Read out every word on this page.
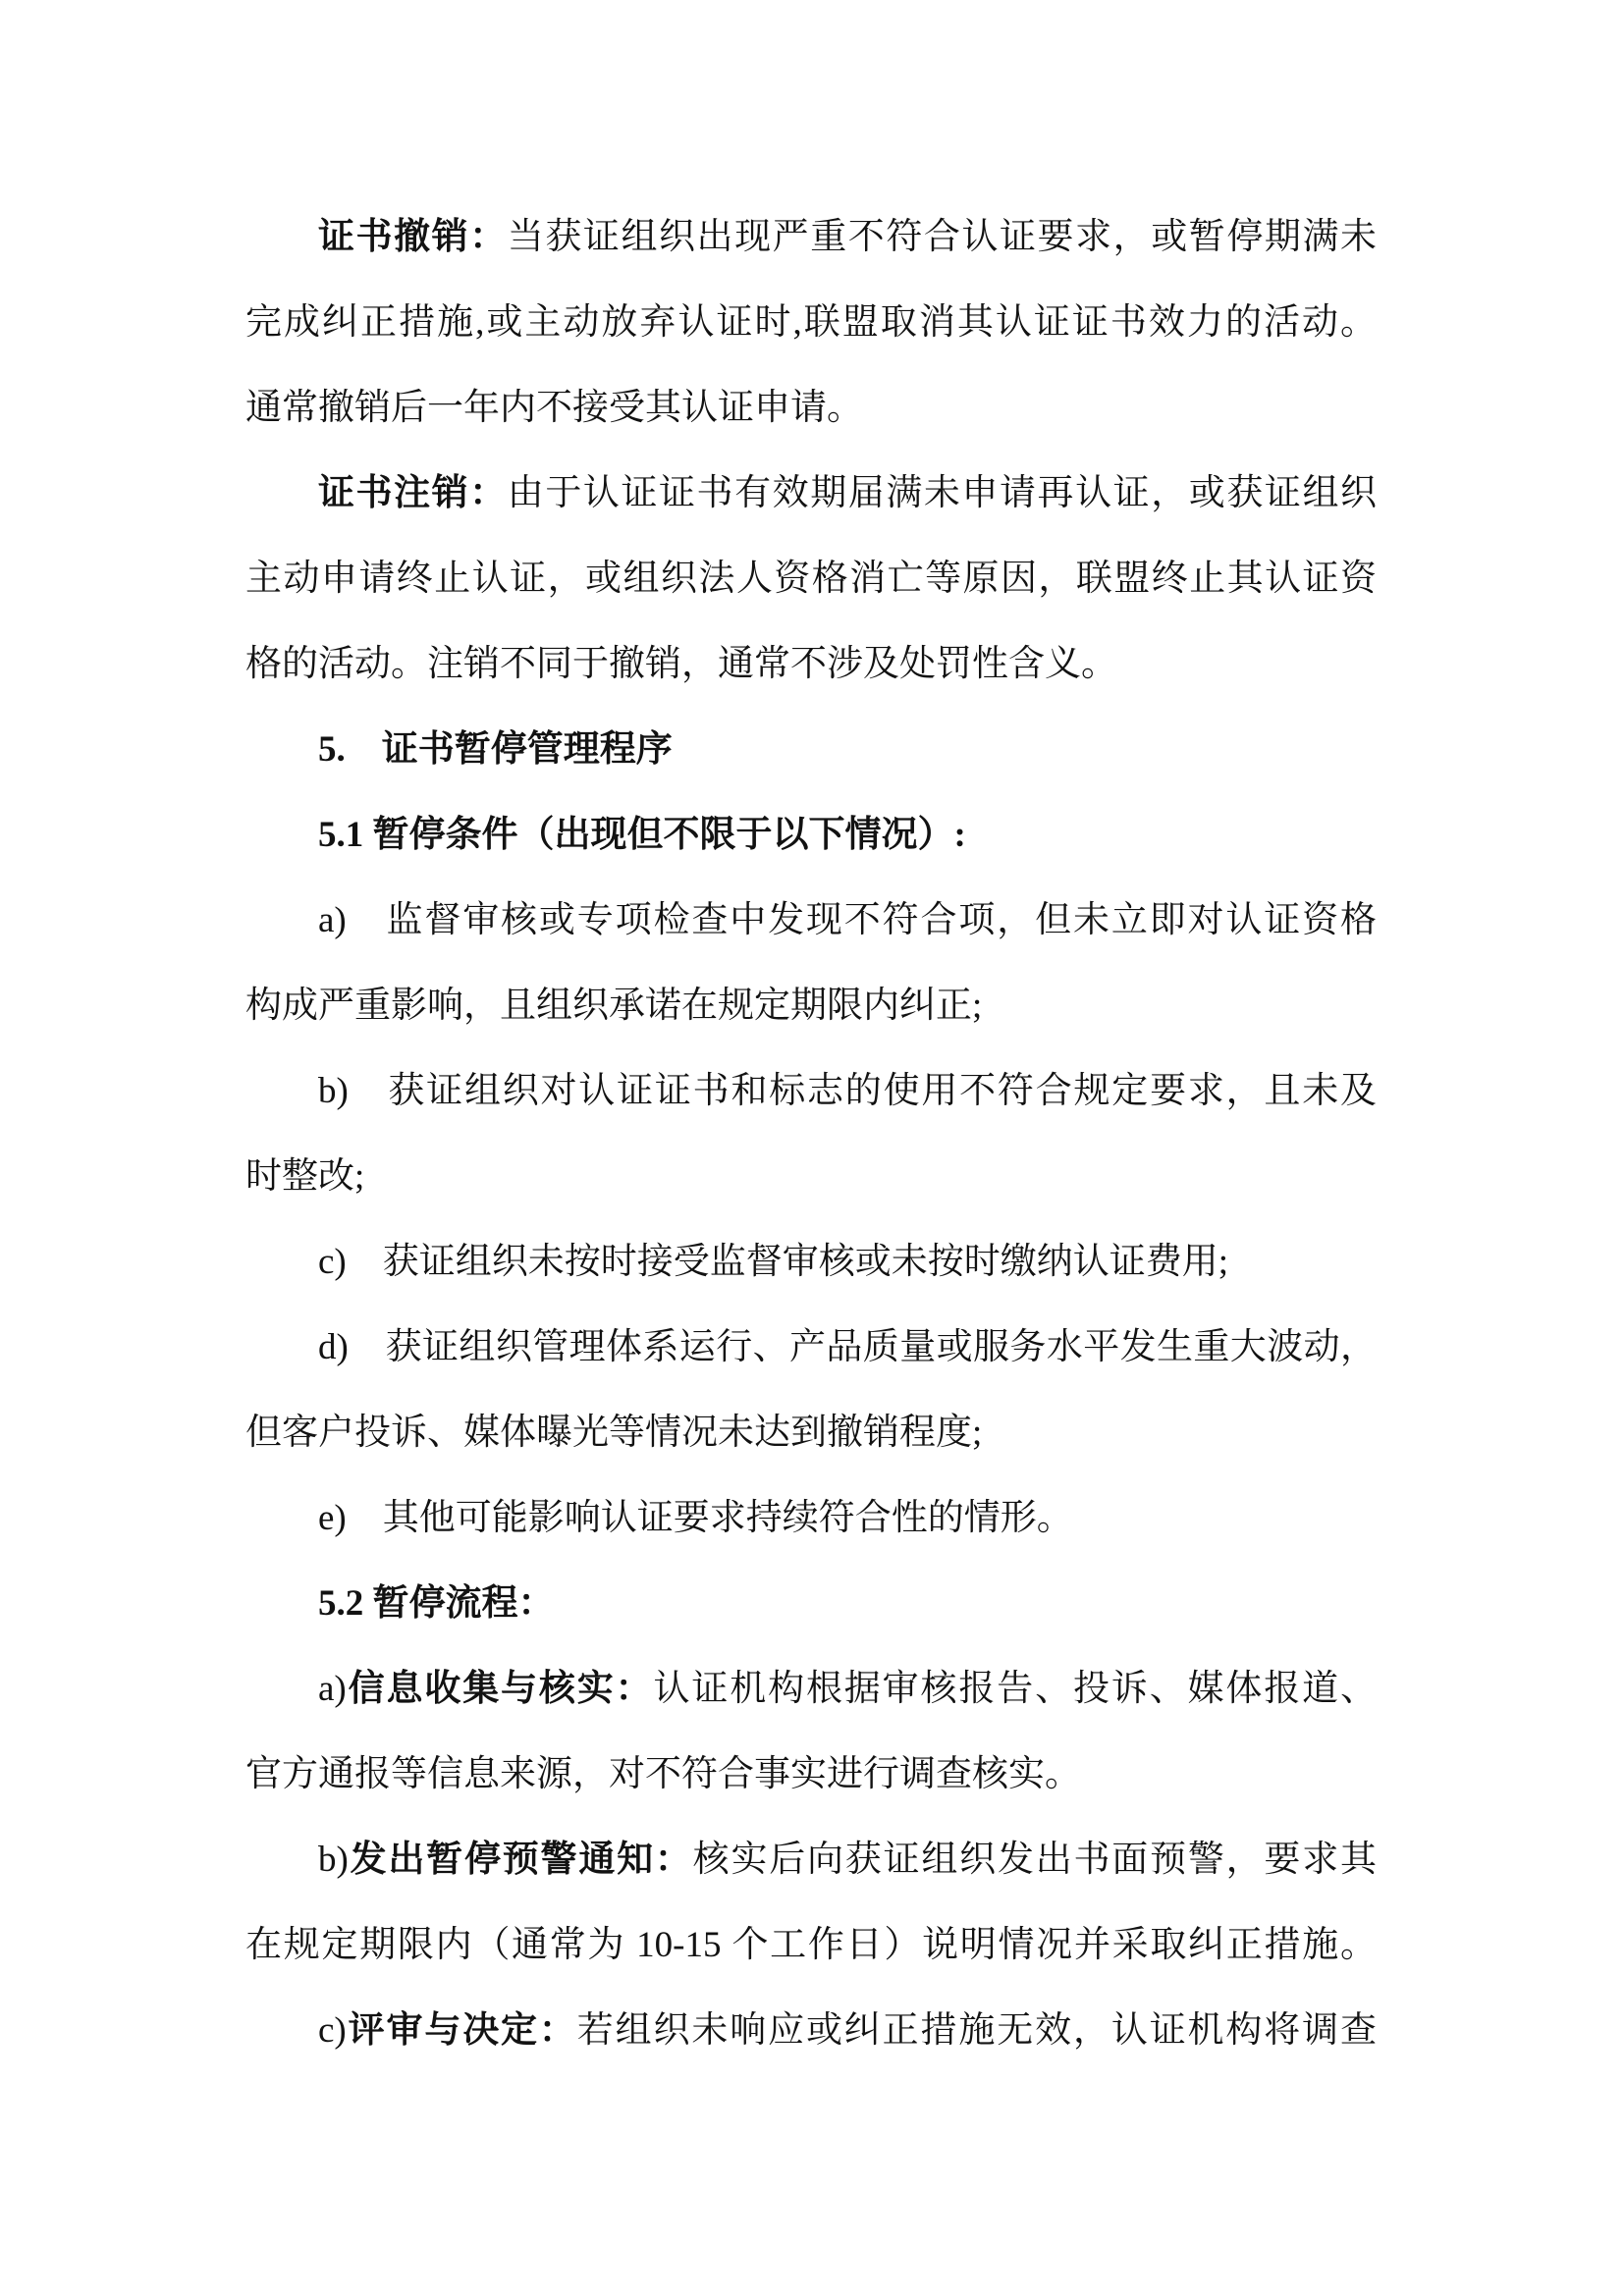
证书撤销：当获证组织出现严重不符合认证要求，或暂停期满未
完成纠正措施,或主动放弃认证时,联盟取消其认证证书效力的活动。
通常撤销后一年内不接受其认证申请。
证书注销：由于认证证书有效期届满未申请再认证，或获证组织
主动申请终止认证，或组织法人资格消亡等原因，联盟终止其认证资
格的活动。注销不同于撤销，通常不涉及处罚性含义。
5.　证书暂停管理程序
5.1 暂停条件（出现但不限于以下情况）:
a)　监督审核或专项检查中发现不符合项，但未立即对认证资格
构成严重影响，且组织承诺在规定期限内纠正;
b)　获证组织对认证证书和标志的使用不符合规定要求，且未及
时整改;
c)　获证组织未按时接受监督审核或未按时缴纳认证费用;
d)　获证组织管理体系运行、产品质量或服务水平发生重大波动，
但客户投诉、媒体曝光等情况未达到撤销程度;
e)　其他可能影响认证要求持续符合性的情形。
5.2 暂停流程：
a)信息收集与核实：认证机构根据审核报告、投诉、媒体报道、
官方通报等信息来源，对不符合事实进行调查核实。
b)发出暂停预警通知：核实后向获证组织发出书面预警，要求其
在规定期限内（通常为 10-15 个工作日）说明情况并采取纠正措施。
c)评审与决定：若组织未响应或纠正措施无效，认证机构将调查
